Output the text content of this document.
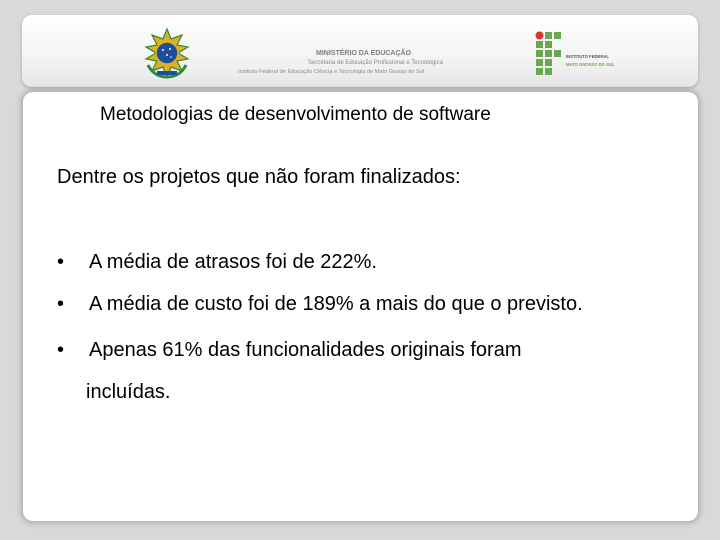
MINISTÉRIO DA EDUCAÇÃO
Secretaria de Educação Profissional e Tecnológica
Instituto Federal de Educação Ciência e Tecnologia de Mato Grosso do Sul
INSTITUTO FEDERAL
MATO GROSSO DO SUL
Metodologias de desenvolvimento de software
Dentre os projetos que não foram finalizados:
• A média de atrasos foi de 222%.
• A média de custo foi de 189% a mais do que o previsto.
• Apenas 61% das funcionalidades originais foram
incluídas.
